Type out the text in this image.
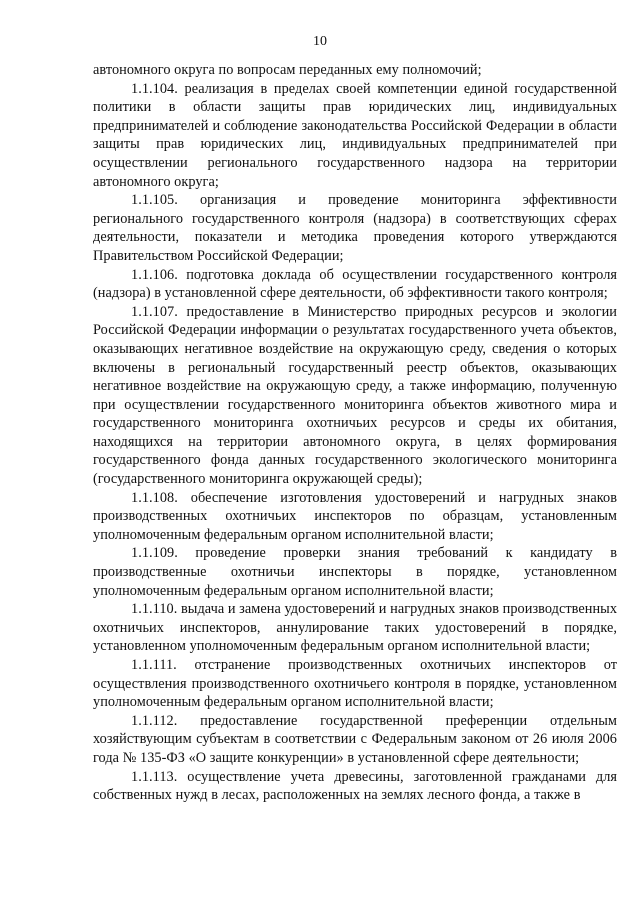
10

автономного округа по вопросам переданных ему полномочий;

1.1.104. реализация в пределах своей компетенции единой государственной политики в области защиты прав юридических лиц, индивидуальных предпринимателей и соблюдение законодательства Российской Федерации в области защиты прав юридических лиц, индивидуальных предпринимателей при осуществлении регионального государственного надзора на территории автономного округа;

1.1.105. организация и проведение мониторинга эффективности регионального государственного контроля (надзора) в соответствующих сферах деятельности, показатели и методика проведения которого утверждаются Правительством Российской Федерации;

1.1.106. подготовка доклада об осуществлении государственного контроля (надзора) в установленной сфере деятельности, об эффективности такого контроля;

1.1.107. предоставление в Министерство природных ресурсов и экологии Российской Федерации информации о результатах государственного учета объектов, оказывающих негативное воздействие на окружающую среду, сведения о которых включены в региональный государственный реестр объектов, оказывающих негативное воздействие на окружающую среду, а также информацию, полученную при осуществлении государственного мониторинга объектов животного мира и государственного мониторинга охотничьих ресурсов и среды их обитания, находящихся на территории автономного округа, в целях формирования государственного фонда данных государственного экологического мониторинга (государственного мониторинга окружающей среды);

1.1.108. обеспечение изготовления удостоверений и нагрудных знаков производственных охотничьих инспекторов по образцам, установленным уполномоченным федеральным органом исполнительной власти;

1.1.109. проведение проверки знания требований к кандидату в производственные охотничьи инспекторы в порядке, установленном уполномоченным федеральным органом исполнительной власти;

1.1.110. выдача и замена удостоверений и нагрудных знаков производственных охотничьих инспекторов, аннулирование таких удостоверений в порядке, установленном уполномоченным федеральным органом исполнительной власти;

1.1.111. отстранение производственных охотничьих инспекторов от осуществления производственного охотничьего контроля в порядке, установленном уполномоченным федеральным органом исполнительной власти;

1.1.112. предоставление государственной преференции отдельным хозяйствующим субъектам в соответствии с Федеральным законом от 26 июля 2006 года № 135-ФЗ «О защите конкуренции» в установленной сфере деятельности;

1.1.113. осуществление учета древесины, заготовленной гражданами для собственных нужд в лесах, расположенных на землях лесного фонда, а также в
